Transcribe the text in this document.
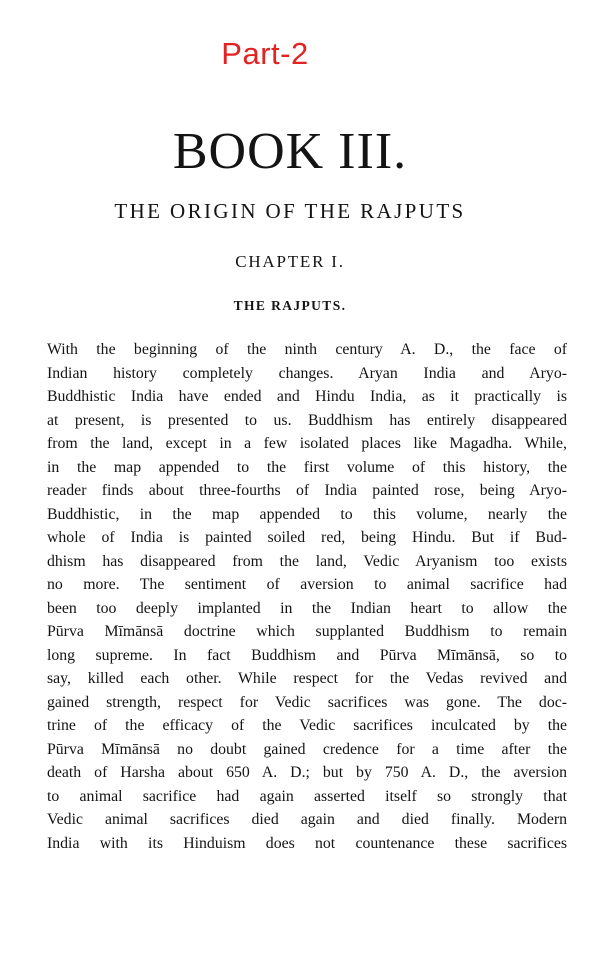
Part-2
BOOK III.
THE ORIGIN OF THE RAJPUTS
CHAPTER I.
THE RAJPUTS.
With the beginning of the ninth century A. D., the face of
Indian history completely changes. Aryan India and Aryo-
Buddhistic India have ended and Hindu India, as it practically is
at present, is presented to us. Buddhism has entirely disappeared
from the land, except in a few isolated places like Magadha. While,
in the map appended to the first volume of this history, the
reader finds about three-fourths of India painted rose, being Aryo-
Buddhistic, in the map appended to this volume, nearly the
whole of India is painted soiled red, being Hindu. But if Bud-
dhism has disappeared from the land, Vedic Aryanism too exists
no more. The sentiment of aversion to animal sacrifice had
been too deeply implanted in the Indian heart to allow the
Pūrva Mīmānsā doctrine which supplanted Buddhism to remain
long supreme. In fact Buddhism and Pūrva Mīmānsā, so to
say, killed each other. While respect for the Vedas revived and
gained strength, respect for Vedic sacrifices was gone. The doc-
trine of the efficacy of the Vedic sacrifices inculcated by the
Pūrva Mīmānsā no doubt gained credence for a time after the
death of Harsha about 650 A. D.; but by 750 A. D., the aversion
to animal sacrifice had again asserted itself so strongly that
Vedic animal sacrifices died again and died finally. Modern
India with its Hinduism does not countenance these sacrifices
